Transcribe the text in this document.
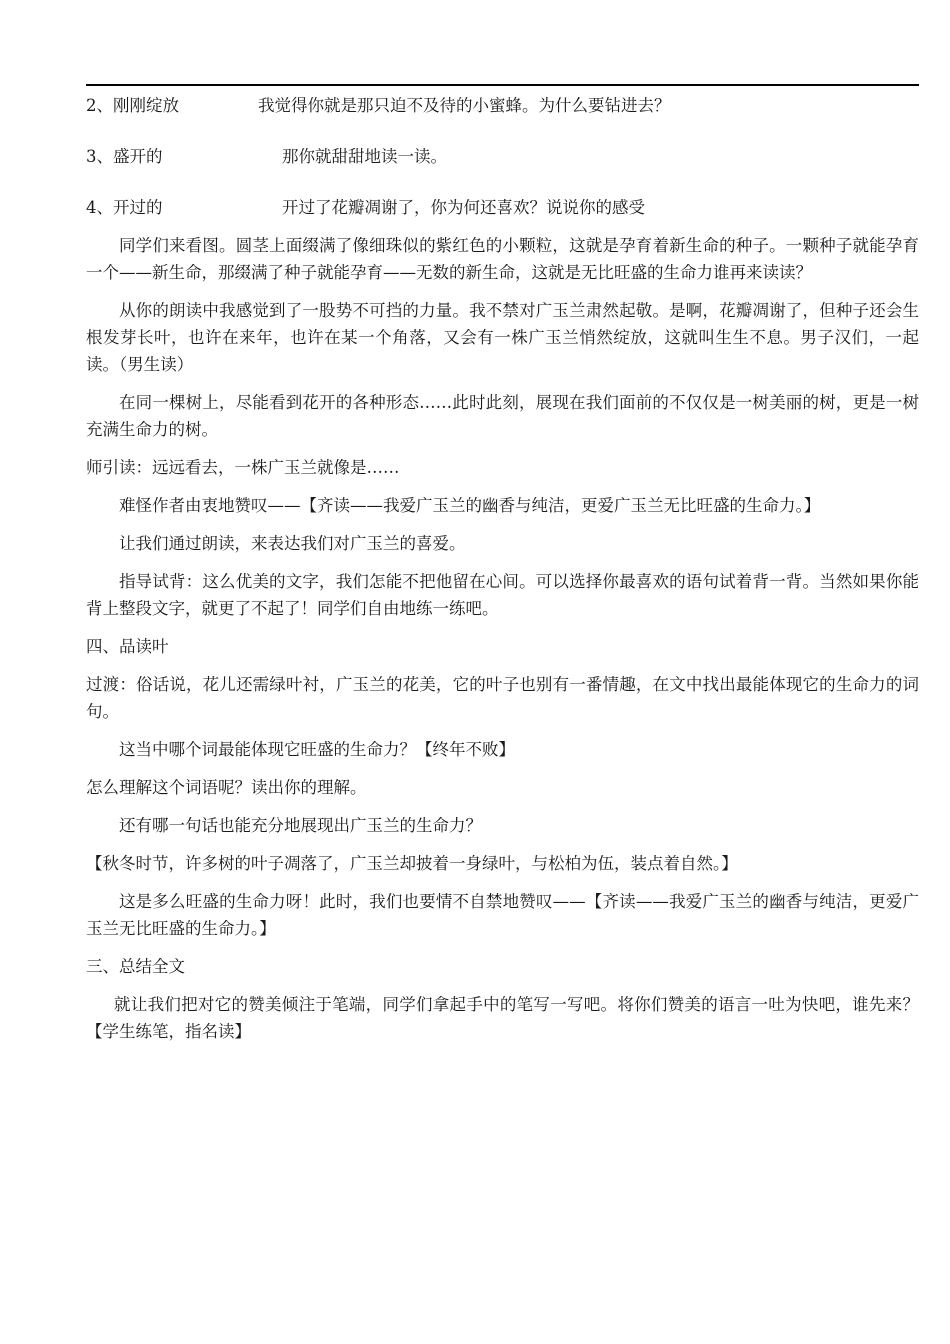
2、刚刚绽放	我觉得你就是那只迫不及待的小蜜蜂。为什么要钻进去？
3、盛开的	那你就甜甜地读一读。
4、开过的	开过了花瓣凋谢了，你为何还喜欢？说说你的感受

同学们来看图。圆茎上面缀满了像细珠似的紫红色的小颗粒，这就是孕育着新生命的种子。一颗种子就能孕育一个——新生命，那缀满了种子就能孕育——无数的新生命，这就是无比旺盛的生命力谁再来读读？

从你的朗读中我感觉到了一股势不可挡的力量。我不禁对广玉兰肃然起敬。是啊，花瓣凋谢了，但种子还会生根发芽长叶，也许在来年，也许在某一个角落，又会有一株广玉兰悄然绽放，这就叫生生不息。男子汉们，一起读。（男生读）

在同一棵树上，尽能看到花开的各种形态……此时此刻，展现在我们面前的不仅仅是一树美丽的树，更是一树充满生命力的树。

师引读：远远看去，一株广玉兰就像是……

难怪作者由衷地赞叹——【齐读——我爱广玉兰的幽香与纯洁，更爱广玉兰无比旺盛的生命力。】

让我们通过朗读，来表达我们对广玉兰的喜爱。

指导试背：这么优美的文字，我们怎能不把他留在心间。可以选择你最喜欢的语句试着背一背。当然如果你能背上整段文字，就更了不起了！同学们自由地练一练吧。

四、品读叶

过渡：俗话说，花儿还需绿叶衬，广玉兰的花美，它的叶子也别有一番情趣，在文中找出最能体现它的生命力的词句。

这当中哪个词最能体现它旺盛的生命力？【终年不败】

怎么理解这个词语呢？读出你的理解。

还有哪一句话也能充分地展现出广玉兰的生命力？

【秋冬时节，许多树的叶子凋落了，广玉兰却披着一身绿叶，与松柏为伍，装点着自然。】

这是多么旺盛的生命力呀！此时，我们也要情不自禁地赞叹——【齐读——我爱广玉兰的幽香与纯洁，更爱广玉兰无比旺盛的生命力。】

三、总结全文

就让我们把对它的赞美倾注于笔端，同学们拿起手中的笔写一写吧。将你们赞美的语言一吐为快吧，谁先来？【学生练笔，指名读】
